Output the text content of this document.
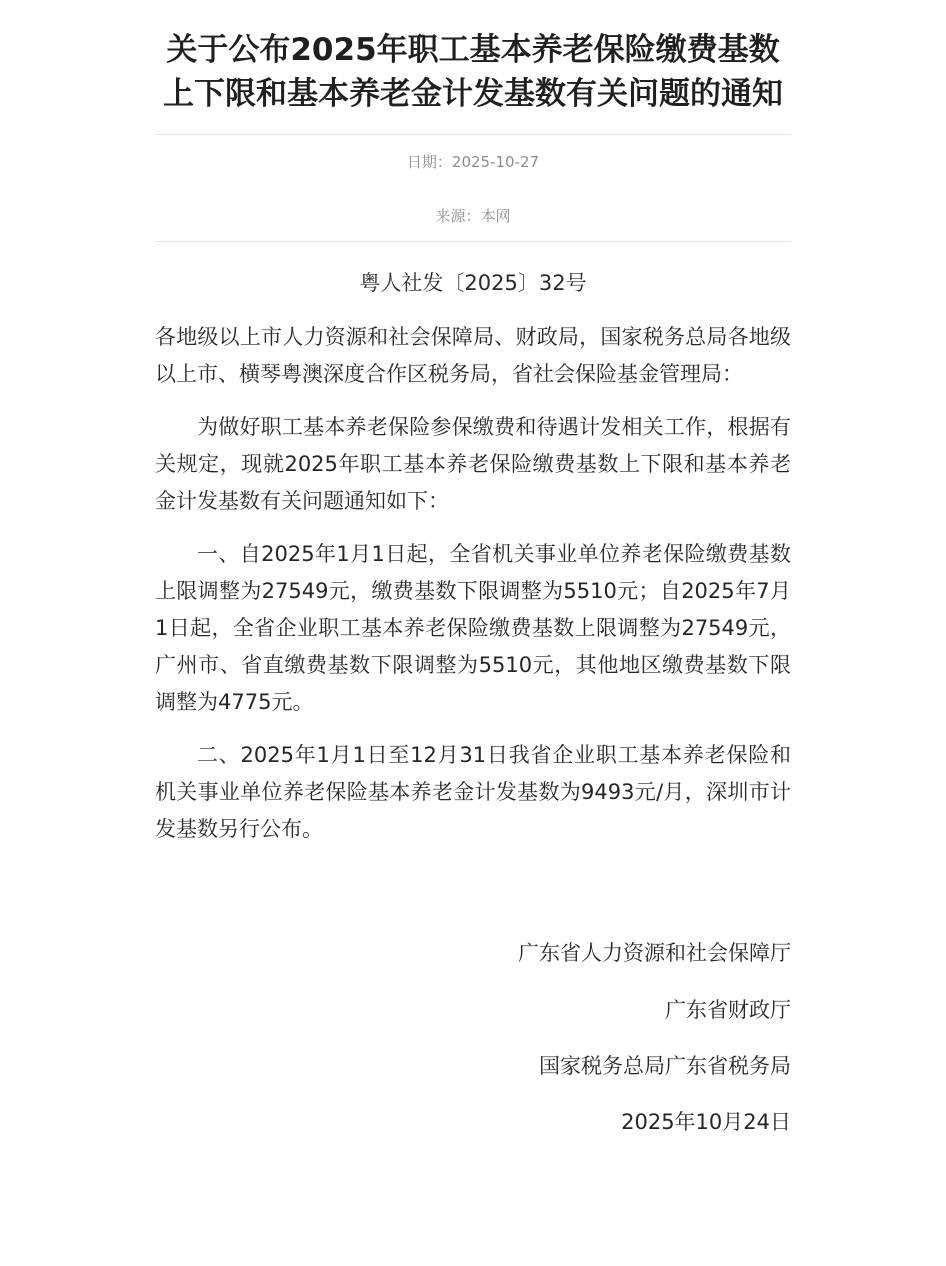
关于公布2025年职工基本养老保险缴费基数上下限和基本养老金计发基数有关问题的通知
日期：2025-10-27
来源：本网
粤人社发〔2025〕32号

各地级以上市人力资源和社会保障局、财政局，国家税务总局各地级以上市、横琴粤澳深度合作区税务局，省社会保险基金管理局：

为做好职工基本养老保险参保缴费和待遇计发相关工作，根据有关规定，现就2025年职工基本养老保险缴费基数上下限和基本养老金计发基数有关问题通知如下：

一、自2025年1月1日起，全省机关事业单位养老保险缴费基数上限调整为27549元，缴费基数下限调整为5510元；自2025年7月1日起，全省企业职工基本养老保险缴费基数上限调整为27549元，广州市、省直缴费基数下限调整为5510元，其他地区缴费基数下限调整为4775元。

二、2025年1月1日至12月31日我省企业职工基本养老保险和机关事业单位养老保险基本养老金计发基数为9493元/月，深圳市计发基数另行公布。

广东省人力资源和社会保障厅
广东省财政厅
国家税务总局广东省税务局
2025年10月24日
